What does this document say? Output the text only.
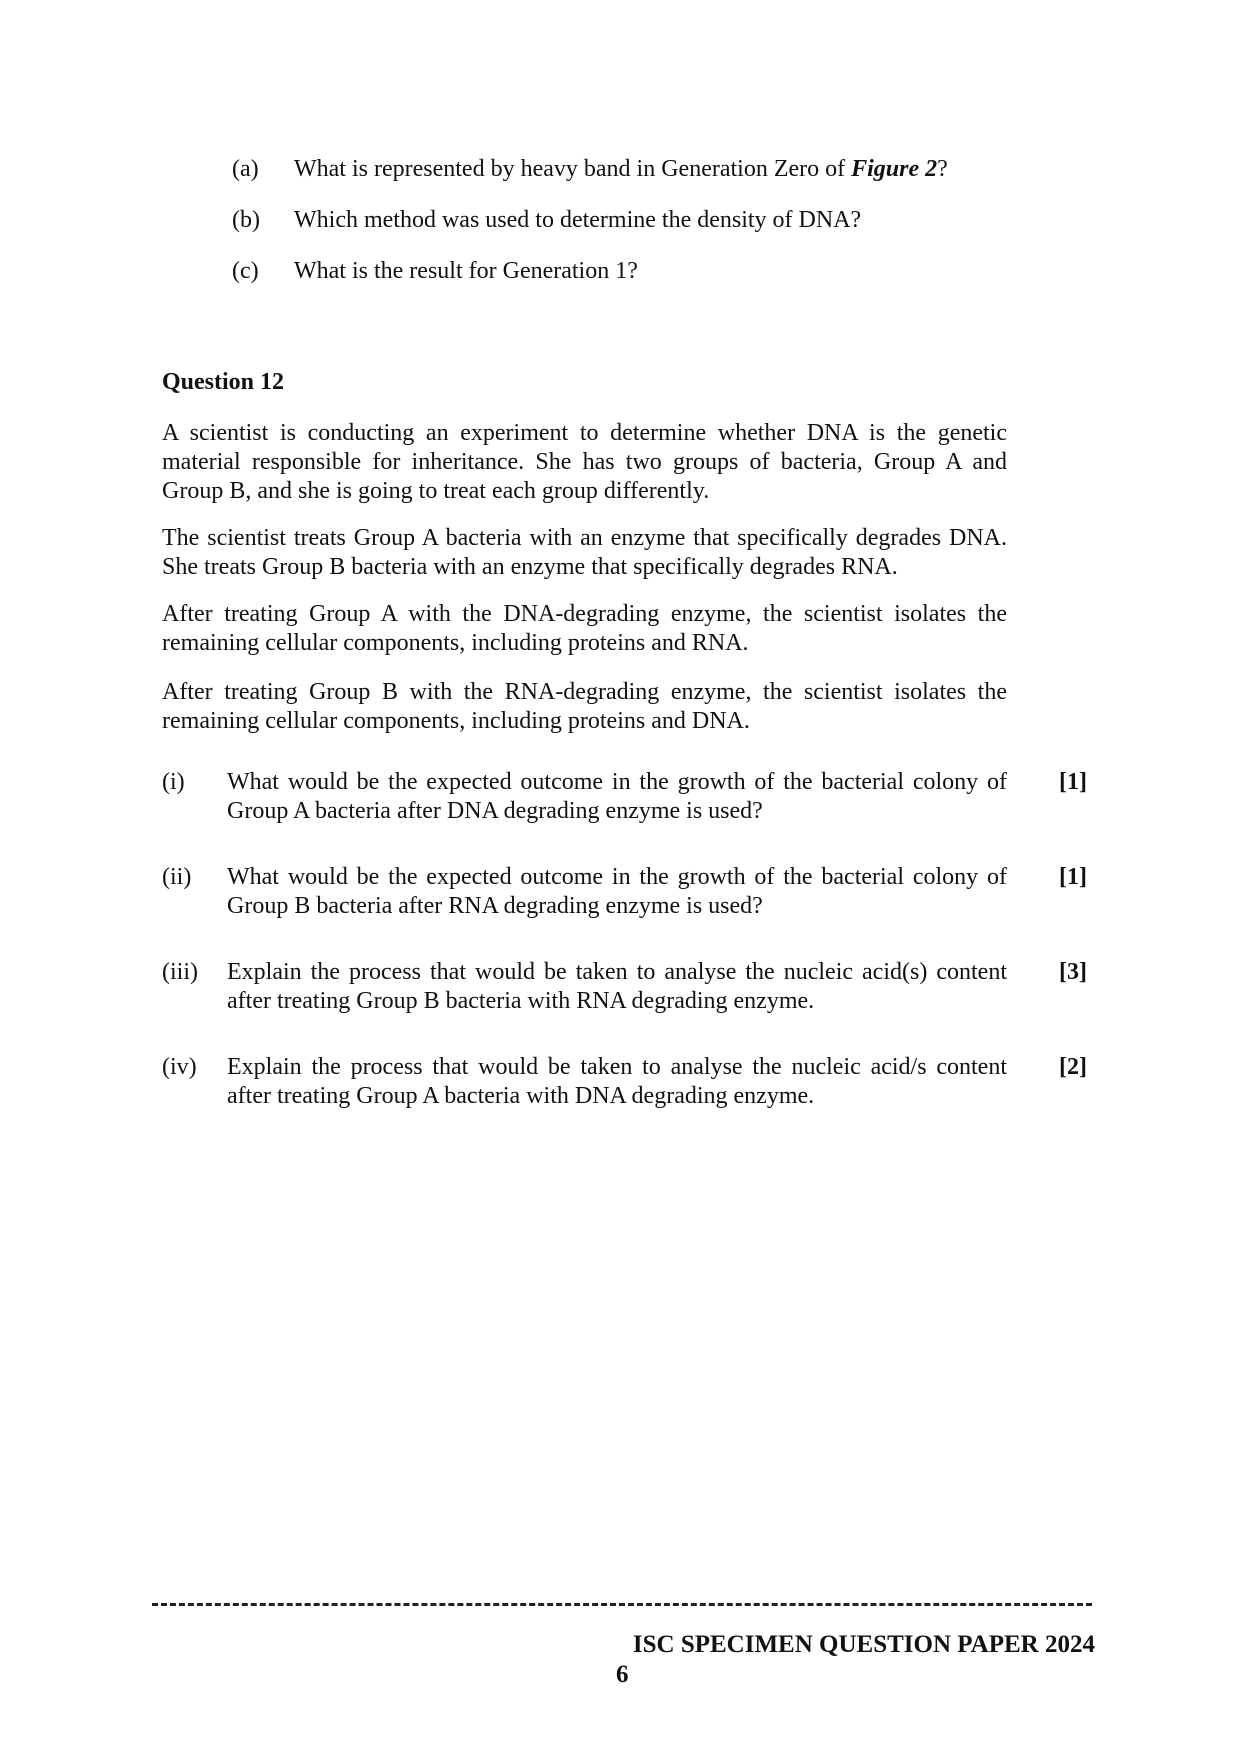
(a) What is represented by heavy band in Generation Zero of Figure 2?
(b) Which method was used to determine the density of DNA?
(c) What is the result for Generation 1?
Question 12

A scientist is conducting an experiment to determine whether DNA is the genetic material responsible for inheritance. She has two groups of bacteria, Group A and Group B, and she is going to treat each group differently.

The scientist treats Group A bacteria with an enzyme that specifically degrades DNA. She treats Group B bacteria with an enzyme that specifically degrades RNA.

After treating Group A with the DNA-degrading enzyme, the scientist isolates the remaining cellular components, including proteins and RNA.

After treating Group B with the RNA-degrading enzyme, the scientist isolates the remaining cellular components, including proteins and DNA.

(i) What would be the expected outcome in the growth of the bacterial colony of Group A bacteria after DNA degrading enzyme is used?
[1]
(ii) What would be the expected outcome in the growth of the bacterial colony of Group B bacteria after RNA degrading enzyme is used?
[1]
(iii) Explain the process that would be taken to analyse the nucleic acid(s) content after treating Group B bacteria with RNA degrading enzyme.
[3]
(iv) Explain the process that would be taken to analyse the nucleic acid/s content after treating Group A bacteria with DNA degrading enzyme.
[2]
ISC SPECIMEN QUESTION PAPER 2024
6
